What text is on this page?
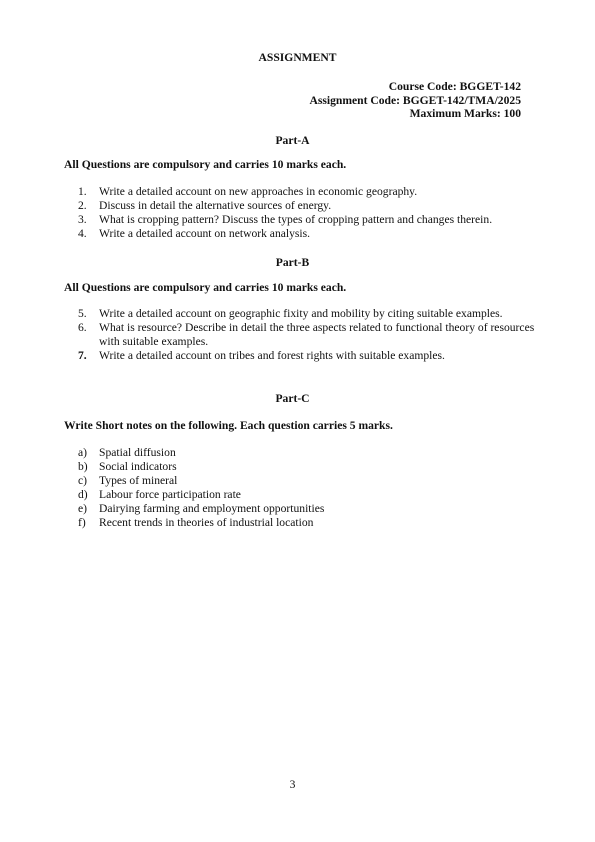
ASSIGNMENT
Course Code: BGGET-142
Assignment Code: BGGET-142/TMA/2025
Maximum Marks: 100
Part-A
All Questions are compulsory and carries 10 marks each.
1.	Write a detailed account on new approaches in economic geography.
2.	Discuss in detail the alternative sources of energy.
3.	What is cropping pattern? Discuss the types of cropping pattern and changes therein.
4.	Write a detailed account on network analysis.
Part-B
All Questions are compulsory and carries 10 marks each.
5.	Write a detailed account on geographic fixity and mobility by citing suitable examples.
6.	What is resource? Describe in detail the three aspects related to functional theory of resources with suitable examples.
7.	Write a detailed account on tribes and forest rights with suitable examples.
Part-C
Write Short notes on the following. Each question carries 5 marks.
a)	Spatial diffusion
b) Social indicators
c)	Types of mineral
d) Labour force participation rate
e)	Dairying farming and employment opportunities
f)	Recent trends in theories of industrial location
3
